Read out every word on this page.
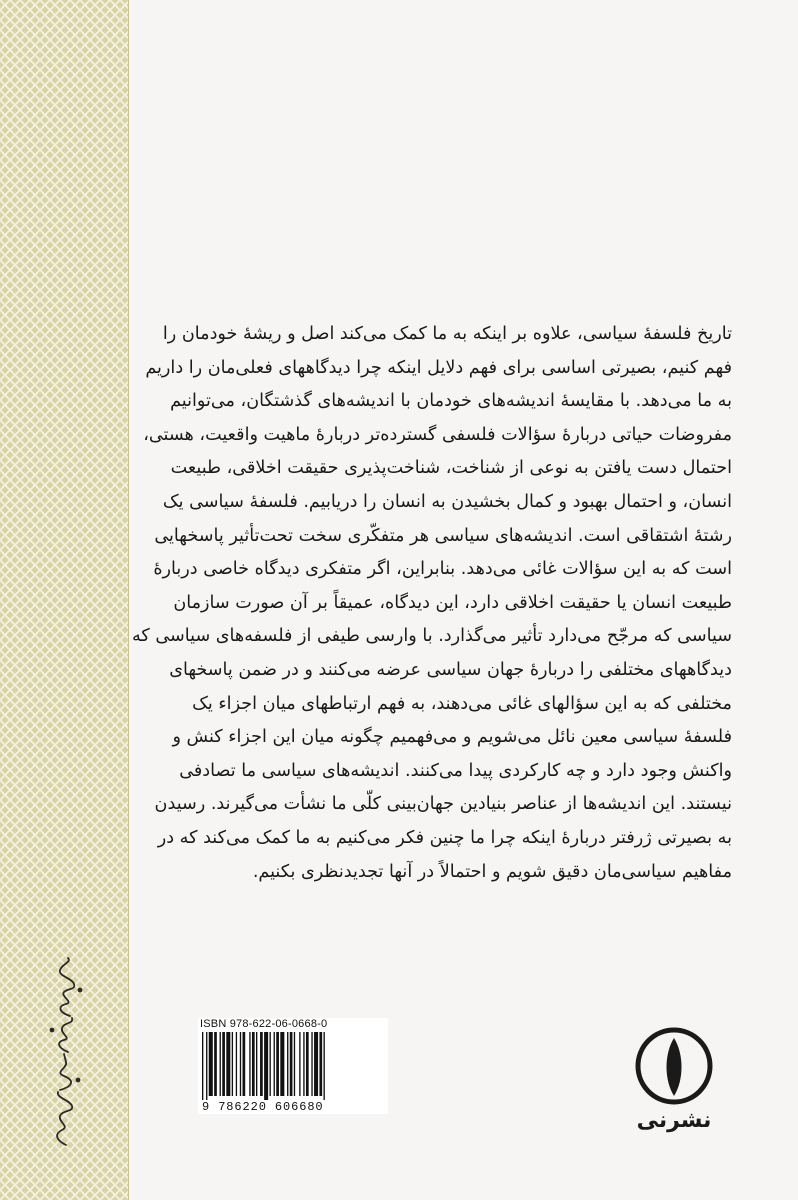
تاریخ فلسفهٔ سیاسی، علاوه بر اینکه به ما کمک می‌کند اصل و ریشهٔ خودمان را
فهم کنیم، بصیرتی اساسی برای فهم دلایل اینکه چرا دیدگاههای فعلی‌مان را داریم
به ما می‌دهد. با مقایسهٔ اندیشه‌های خودمان با اندیشه‌های گذشتگان، می‌توانیم
مفروضات حیاتی دربارهٔ سؤالات فلسفی گسترده‌تر دربارهٔ ماهیت واقعیت، هستی،
احتمال دست یافتن به نوعی از شناخت، شناخت‌پذیری حقیقت اخلاقی، طبیعت
انسان، و احتمال بهبود و کمال بخشیدن به انسان را دریابیم. فلسفهٔ سیاسی یک
رشتهٔ اشتقاقی است. اندیشه‌های سیاسی هر متفکّری سخت تحت‌تأثیر پاسخهایی
است که به این سؤالات غائی می‌دهد. بنابراین، اگر متفکری دیدگاه خاصی دربارهٔ
طبیعت انسان یا حقیقت اخلاقی دارد، این دیدگاه، عمیقاً بر آن صورت سازمان
سیاسی که مرجّح می‌دارد تأثیر می‌گذارد. با وارسی طیفی از فلسفه‌های سیاسی که
دیدگاههای مختلفی را دربارهٔ جهان سیاسی عرضه می‌کنند و در ضمن پاسخهای
مختلفی که به این سؤالهای غائی می‌دهند، به فهم ارتباطهای میان اجزاء یک
فلسفهٔ سیاسی معین نائل می‌شویم و می‌فهمیم چگونه میان این اجزاء کنش و
واکنش وجود دارد و چه کارکردی پیدا می‌کنند. اندیشه‌های سیاسی ما تصادفی
نیستند. این اندیشه‌ها از عناصر بنیادین جهان‌بینی کلّی ما نشأت می‌گیرند. رسیدن
به بصیرتی ژرفتر دربارهٔ اینکه چرا ما چنین فکر می‌کنیم به ما کمک می‌کند که در
مفاهیم سیاسی‌مان دقیق شویم و احتمالاً در آنها تجدیدنظری بکنیم.
ISBN 978-622-06-0668-0
9 786220 606680
نشرنی
